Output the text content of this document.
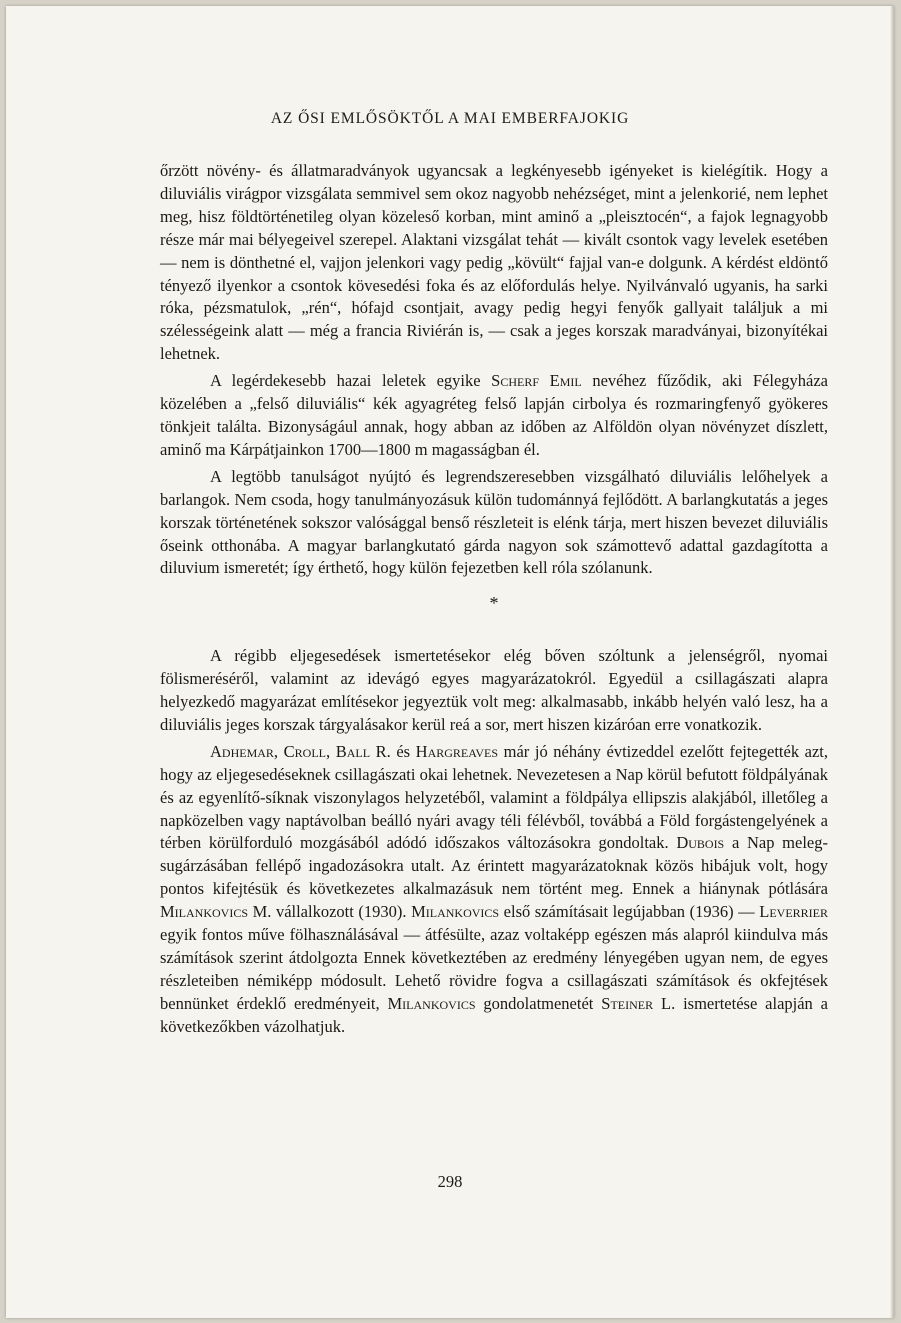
AZ ŐSI EMLŐSÖKTŐL A MAI EMBERFAJOKIG

őrzött növény- és állatmaradványok ugyancsak a legkényesebb igényeket is kielégítik. Hogy a diluviális virágpor vizsgálata semmivel sem okoz nagyobb nehézséget, mint a jelenkorié, nem lephet meg, hisz földtörténetileg olyan közeleső korban, mint aminő a „pleisztocén“, a fajok legnagyobb része már mai bélyegeivel szerepel. Alaktani vizsgálat tehát — kivált csontok vagy levelek esetében — nem is dönthetné el, vajjon jelenkori vagy pedig „kövült“ fajjal van-e dolgunk. A kérdést eldöntő tényező ilyenkor a csontok kövesedési foka és az előfordulás helye. Nyilvánvaló ugyanis, ha sarki róka, pézsmatulok, „rén“, hófajd csontjait, avagy pedig hegyi fenyők gallyait találjuk a mi szélességeink alatt — még a francia Riviérán is, — csak a jeges korszak maradványai, bizonyítékai lehetnek.

A legérdekesebb hazai leletek egyike Scherf Emil nevéhez fűződik, aki Félegyháza közelében a „felső diluviális“ kék agyagréteg felső lapján cirbolya és rozmaringfenyő gyökeres tönkjeit találta. Bizonyságául annak, hogy abban az időben az Alföldön olyan növényzet díszlett, aminő ma Kárpátjainkon 1700—1800 m magasságban él.

A legtöbb tanulságot nyújtó és legrendszeresebben vizsgálható diluviális lelőhelyek a barlangok. Nem csoda, hogy tanulmányozásuk külön tudománnyá fejlődött. A barlangkutatás a jeges korszak történetének sokszor valósággal benső részleteit is elénk tárja, mert hiszen bevezet diluviális őseink otthonába. A magyar barlangkutató gárda nagyon sok számottevő adattal gazdagította a diluvium ismeretét; így érthető, hogy külön fejezetben kell róla szólanunk.

*

A régibb eljegesedések ismertetésekor elég bőven szóltunk a jelenségről, nyomai fölismeréséről, valamint az idevágó egyes magyarázatokról. Egyedül a csillagászati alapra helyezkedő magyarázat említésekor jegyeztük volt meg: alkalmasabb, inkább helyén való lesz, ha a diluviális jeges korszak tárgyalásakor kerül reá a sor, mert hiszen kizáróan erre vonatkozik.

Adhemar, Croll, Ball R. és Hargreaves már jó néhány évtizeddel ezelőtt fejtegették azt, hogy az eljegesedéseknek csillagászati okai lehetnek. Nevezetesen a Nap körül befutott földpályának és az egyenlítő-síknak viszonylagos helyzetéből, valamint a földpálya ellipszis alakjából, illetőleg a napközelben vagy naptávolban beálló nyári avagy téli félévből, továbbá a Föld forgástengelyének a térben körülforduló mozgásából adódó időszakos változásokra gondoltak. Dubois a Nap meleg-sugárzásában fellépő ingadozásokra utalt. Az érintett magyarázatoknak közös hibájuk volt, hogy pontos kifejtésük és következetes alkalmazásuk nem történt meg. Ennek a hiánynak pótlására Milankovics M. vállalkozott (1930). Milankovics első számításait legújabban (1936) — Leverrier egyik fontos műve fölhasználásával — átfésülte, azaz voltaképp egészen más alapról kiindulva más számítások szerint átdolgozta Ennek következtében az eredmény lényegében ugyan nem, de egyes részleteiben némiképp módosult. Lehető rövidre fogva a csillagászati számítások és okfejtések bennünket érdeklő eredményeit, Milankovics gondolatmenetét Steiner L. ismertetése alapján a következőkben vázolhatjuk.

298
